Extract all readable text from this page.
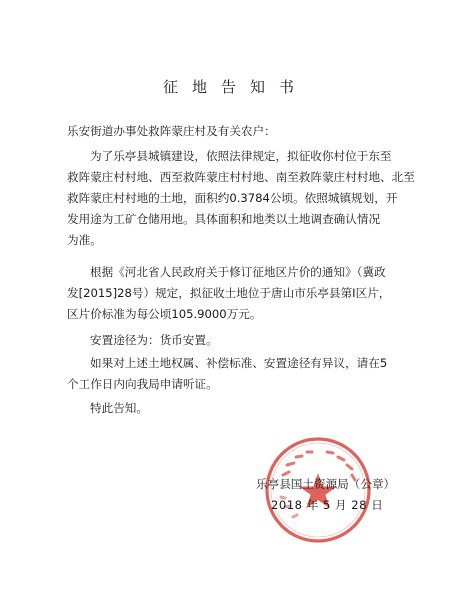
征地告知书
乐安街道办事处救阵蒙庄村及有关农户：
为了乐亭县城镇建设，依照法律规定，拟征收你村位于东至
救阵蒙庄村村地、西至救阵蒙庄村村地、南至救阵蒙庄村村地、北至
救阵蒙庄村村地的土地，面积约0.3784公顷。依照城镇规划，开
发用途为工矿仓储用地。具体面积和地类以土地调查确认情况
为准。
根据《河北省人民政府关于修订征地区片价的通知》（冀政
发[2015]28号）规定，拟征收土地位于唐山市乐亭县第Ⅰ区片，
区片价标准为每公顷105.9000万元。
安置途径为：货币安置。
如果对上述土地权属、补偿标准、安置途径有异议，请在5
个工作日内向我局申请听证。
特此告知。
乐亭县国土资源局（公章）
2018 年 5 月 28 日
